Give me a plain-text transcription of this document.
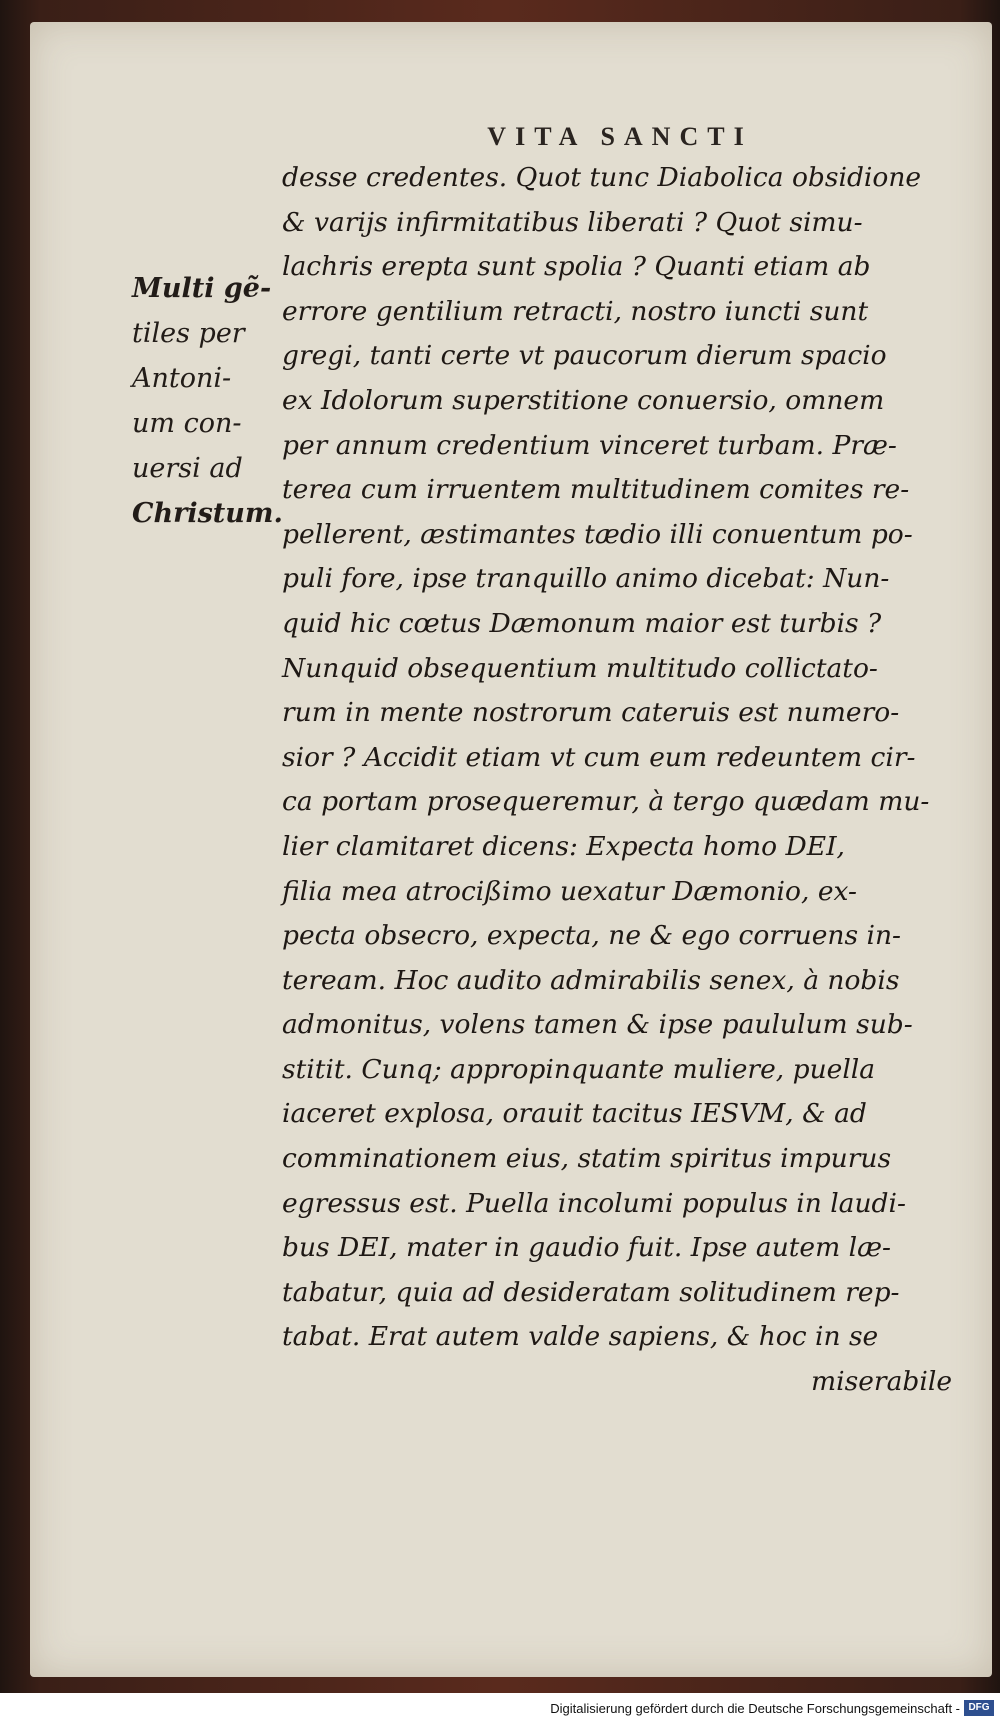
VITA SANCTI
Multi gẽ-
tiles per
Antoni-
um con-
uersi ad
Christum.
desse credentes. Quot tunc Diabolica obsidione
& varijs infirmitatibus liberati ? Quot simu-
lachris erepta sunt spolia ? Quanti etiam ab
errore gentilium retracti, nostro iuncti sunt
gregi, tanti certe vt paucorum dierum spacio
ex Idolorum superstitione conuersio, omnem
per annum credentium vinceret turbam. Præ-
terea cum irruentem multitudinem comites re-
pellerent, æstimantes tædio illi conuentum po-
puli fore, ipse tranquillo animo dicebat: Nun-
quid hic cœtus Dæmonum maior est turbis ?
Nunquid obsequentium multitudo collictato-
rum in mente nostrorum cateruis est numero-
sior ? Accidit etiam vt cum eum redeuntem cir-
ca portam prosequeremur, à tergo quædam mu-
lier clamitaret dicens: Expecta homo DEI,
filia mea atrocißimo uexatur Dæmonio, ex-
pecta obsecro, expecta, ne & ego corruens in-
teream. Hoc audito admirabilis senex, à nobis
admonitus, volens tamen & ipse paululum sub-
stitit. Cunq; appropinquante muliere, puella
iaceret explosa, orauit tacitus IESVM, & ad
comminationem eius, statim spiritus impurus
egressus est. Puella incolumi populus in laudi-
bus DEI, mater in gaudio fuit. Ipse autem læ-
tabatur, quia ad desideratam solitudinem rep-
tabat. Erat autem valde sapiens, & hoc in se
miserabile
Digitalisierung gefördert durch die Deutsche Forschungsgemeinschaft - DFG
